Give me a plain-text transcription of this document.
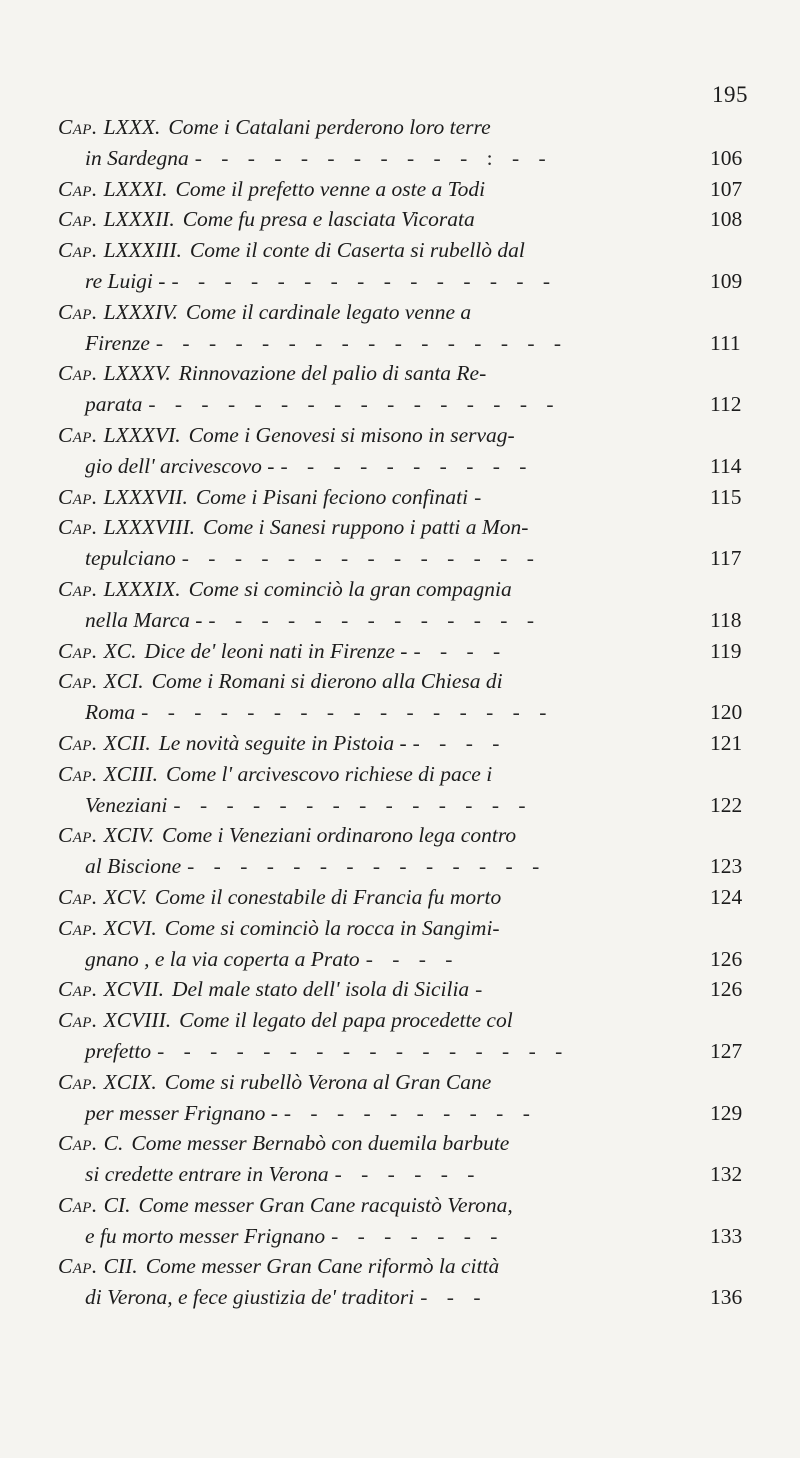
195
Cap. LXXX. Come i Catalani perderono loro terre
in Sardegna - - - - - - - - - - - : - -	106
Cap. LXXXI. Come il prefetto venne a oste a Todi	107
Cap. LXXXII. Come fu presa e lasciata Vicorata	108
Cap. LXXXIII. Come il conte di Caserta si rubellò dal
re Luigi - - - - - - - - - - - - - - - -	109
Cap. LXXXIV. Come il cardinale legato venne a
Firenze - - - - - - - - - - - - - - - -	111
Cap. LXXXV. Rinnovazione del palio di santa Re-
parata - - - - - - - - - - - - - - - -	112
Cap. LXXXVI. Come i Genovesi si misono in servag-
gio dell' arcivescovo - - - - - - - - - - -	114
Cap. LXXXVII. Come i Pisani feciono confinati -	115
Cap. LXXXVIII. Come i Sanesi ruppono i patti a Mon-
tepulciano - - - - - - - - - - - - - -	117
Cap. LXXXIX. Come si cominciò la gran compagnia
nella Marca - - - - - - - - - - - - - -	118
Cap. XC. Dice de' leoni nati in Firenze - - - - -	119
Cap. XCI. Come i Romani si dierono alla Chiesa di
Roma - - - - - - - - - - - - - - - -	120
Cap. XCII. Le novità seguite in Pistoia - - - - -	121
Cap. XCIII. Come l' arcivescovo richiese di pace i
Veneziani - - - - - - - - - - - - - -	122
Cap. XCIV. Come i Veneziani ordinarono lega contro
al Biscione - - - - - - - - - - - - - -	123
Cap. XCV. Come il conestabile di Francia fu morto	124
Cap. XCVI. Come si cominciò la rocca in Sangimi-
gnano , e la via coperta a Prato - - - -	126
Cap. XCVII. Del male stato dell' isola di Sicilia -	126
Cap. XCVIII. Come il legato del papa procedette col
prefetto - - - - - - - - - - - - - - - -	127
Cap. XCIX. Come si rubellò Verona al Gran Cane
per messer Frignano - - - - - - - - - - -	129
Cap. C. Come messer Bernabò con duemila barbute
si credette entrare in Verona - - - - - -	132
Cap. CI. Come messer Gran Cane racquistò Verona,
e fu morto messer Frignano - - - - - - -	133
Cap. CII. Come messer Gran Cane riformò la città
di Verona, e fece giustizia de' traditori - - -	136
